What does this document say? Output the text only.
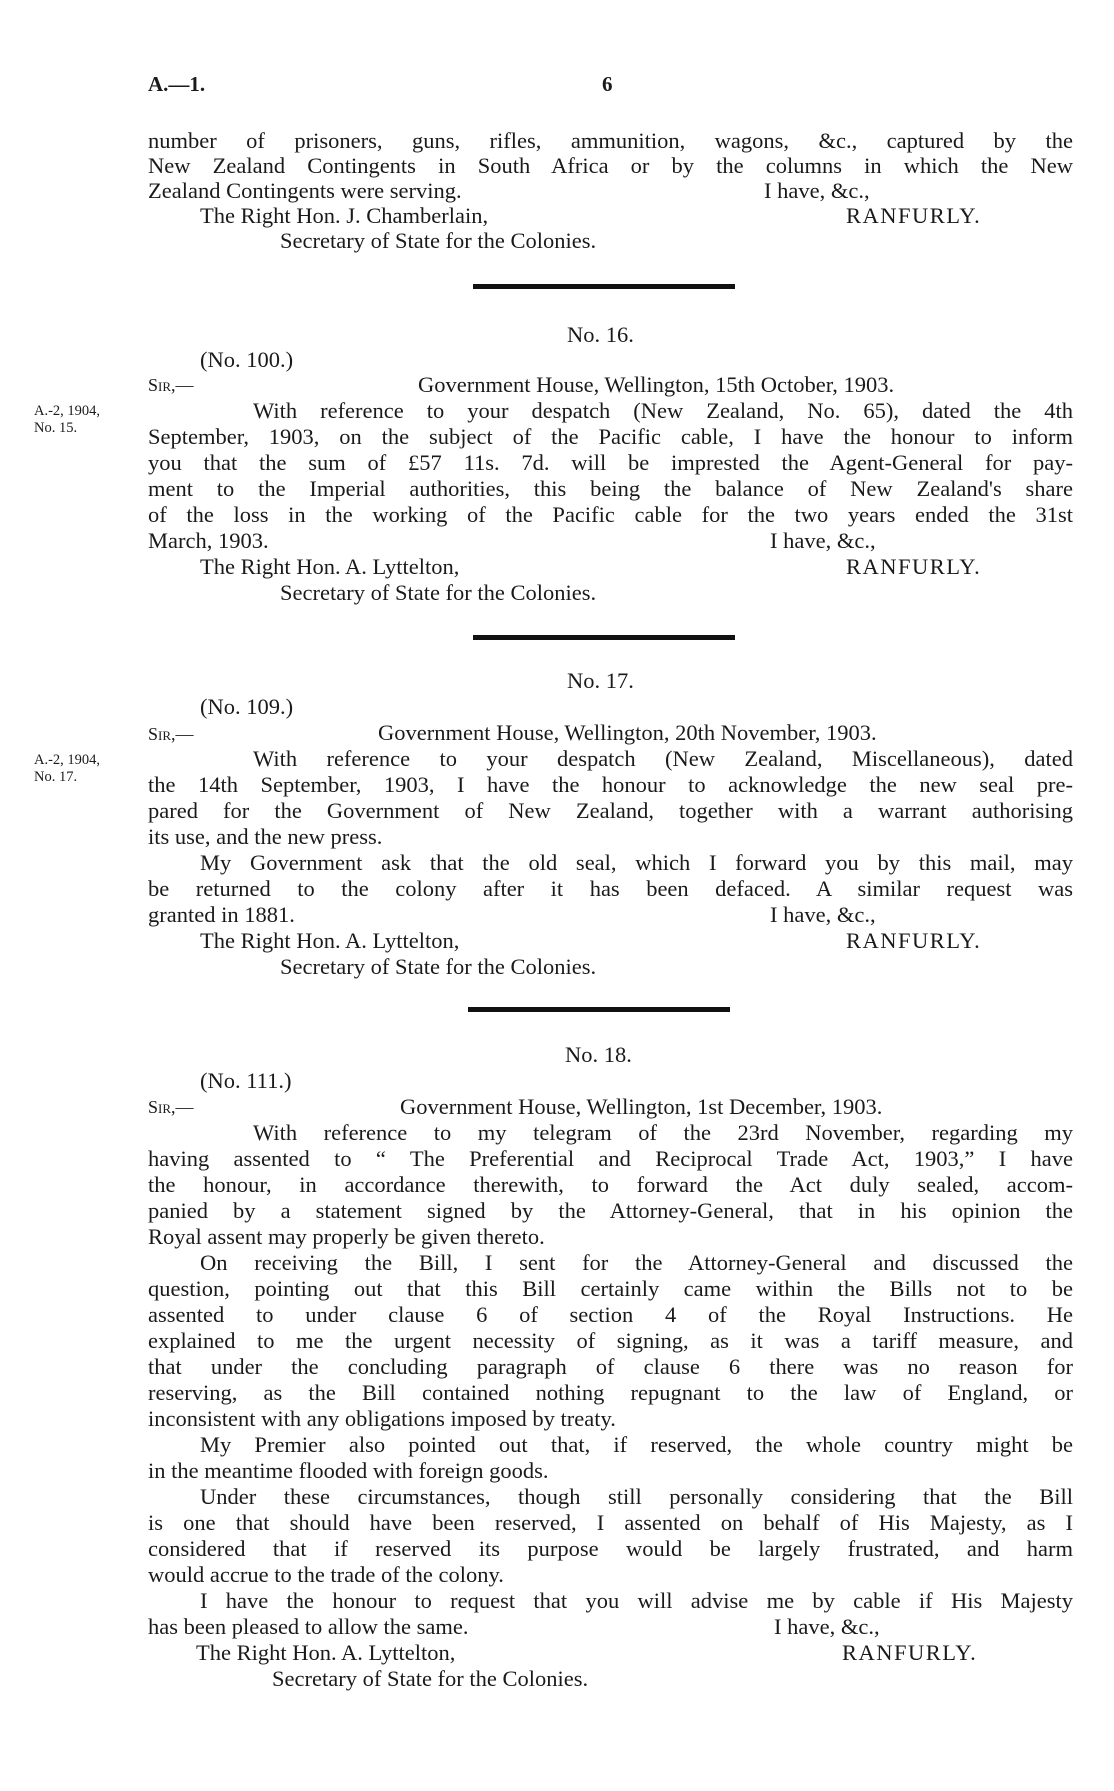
A.—1.	6
number of prisoners, guns, rifles, ammunition, wagons, &c., captured by the
New Zealand Contingents in South Africa or by the columns in which the New
Zealand Contingents were serving.	I have, &c.,
The Right Hon. J. Chamberlain,	RANFURLY.
Secretary of State for the Colonies.
No. 16.
(No. 100.)
Sir,—	Government House, Wellington, 15th October, 1903.
A.-2, 1904,
No. 15.
With reference to your despatch (New Zealand, No. 65), dated the 4th
September, 1903, on the subject of the Pacific cable, I have the honour to inform
you that the sum of £57 11s. 7d. will be imprested the Agent-General for pay-
ment to the Imperial authorities, this being the balance of New Zealand's share
of the loss in the working of the Pacific cable for the two years ended the 31st
March, 1903.	I have, &c.,
The Right Hon. A. Lyttelton,	RANFURLY.
Secretary of State for the Colonies.
No. 17.
(No. 109.)
Sir,—	Government House, Wellington, 20th November, 1903.
A.-2, 1904,
No. 17.
With reference to your despatch (New Zealand, Miscellaneous), dated
the 14th September, 1903, I have the honour to acknowledge the new seal pre-
pared for the Government of New Zealand, together with a warrant authorising
its use, and the new press.
My Government ask that the old seal, which I forward you by this mail, may
be returned to the colony after it has been defaced. A similar request was
granted in 1881.	I have, &c.,
The Right Hon. A. Lyttelton,	RANFURLY.
Secretary of State for the Colonies.
No. 18.
(No. 111.)
Sir,—	Government House, Wellington, 1st December, 1903.
With reference to my telegram of the 23rd November, regarding my
having assented to “ The Preferential and Reciprocal Trade Act, 1903,” I have
the honour, in accordance therewith, to forward the Act duly sealed, accom-
panied by a statement signed by the Attorney-General, that in his opinion the
Royal assent may properly be given thereto.
On receiving the Bill, I sent for the Attorney-General and discussed the
question, pointing out that this Bill certainly came within the Bills not to be
assented to under clause 6 of section 4 of the Royal Instructions. He
explained to me the urgent necessity of signing, as it was a tariff measure, and
that under the concluding paragraph of clause 6 there was no reason for
reserving, as the Bill contained nothing repugnant to the law of England, or
inconsistent with any obligations imposed by treaty.
My Premier also pointed out that, if reserved, the whole country might be
in the meantime flooded with foreign goods.
Under these circumstances, though still personally considering that the Bill
is one that should have been reserved, I assented on behalf of His Majesty, as I
considered that if reserved its purpose would be largely frustrated, and harm
would accrue to the trade of the colony.
I have the honour to request that you will advise me by cable if His Majesty
has been pleased to allow the same.	I have, &c.,
The Right Hon. A. Lyttelton,	RANFURLY.
Secretary of State for the Colonies.
